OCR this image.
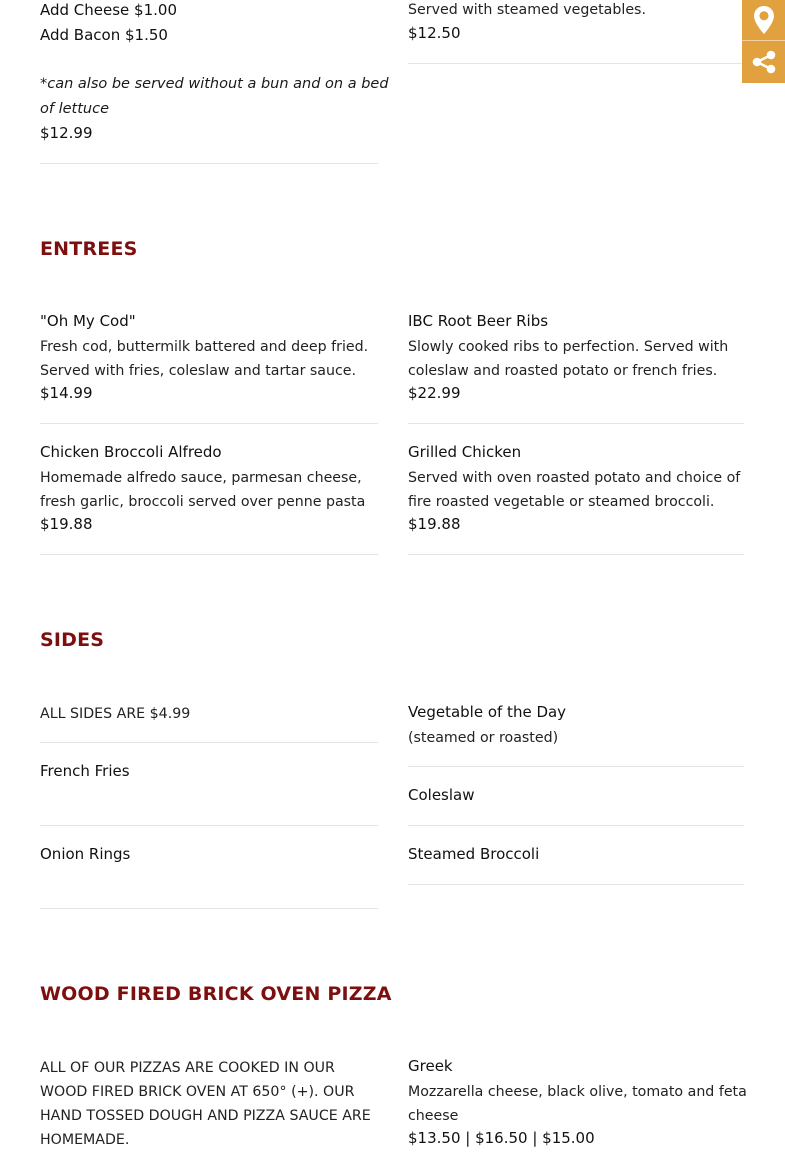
Add Cheese $1.00
Add Bacon $1.50
*can also be served without a bun and on a bed
of lettuce
$12.99
Served with steamed vegetables.
$12.50
ENTREES
"Oh My Cod"
Fresh cod, buttermilk battered and deep fried.
Served with fries, coleslaw and tartar sauce.
$14.99
IBC Root Beer Ribs
Slowly cooked ribs to perfection. Served with
coleslaw and roasted potato or french fries.
$22.99
Chicken Broccoli Alfredo
Homemade alfredo sauce, parmesan cheese,
fresh garlic, broccoli served over penne pasta
$19.88
Grilled Chicken
Served with oven roasted potato and choice of
fire roasted vegetable or steamed broccoli.
$19.88
SIDES
ALL SIDES ARE $4.99	Vegetable of the Day
(steamed or roasted)
French Fries
Coleslaw
Onion Rings	Steamed Broccoli
WOOD FIRED BRICK OVEN PIZZA
ALL OF OUR PIZZAS ARE COOKED IN OUR
WOOD FIRED BRICK OVEN AT 650° (+). OUR
HAND TOSSED DOUGH AND PIZZA SAUCE ARE
HOMEMADE.
Greek
Mozzarella cheese, black olive, tomato and feta
cheese
$13.50 | $16.50 | $15.00
